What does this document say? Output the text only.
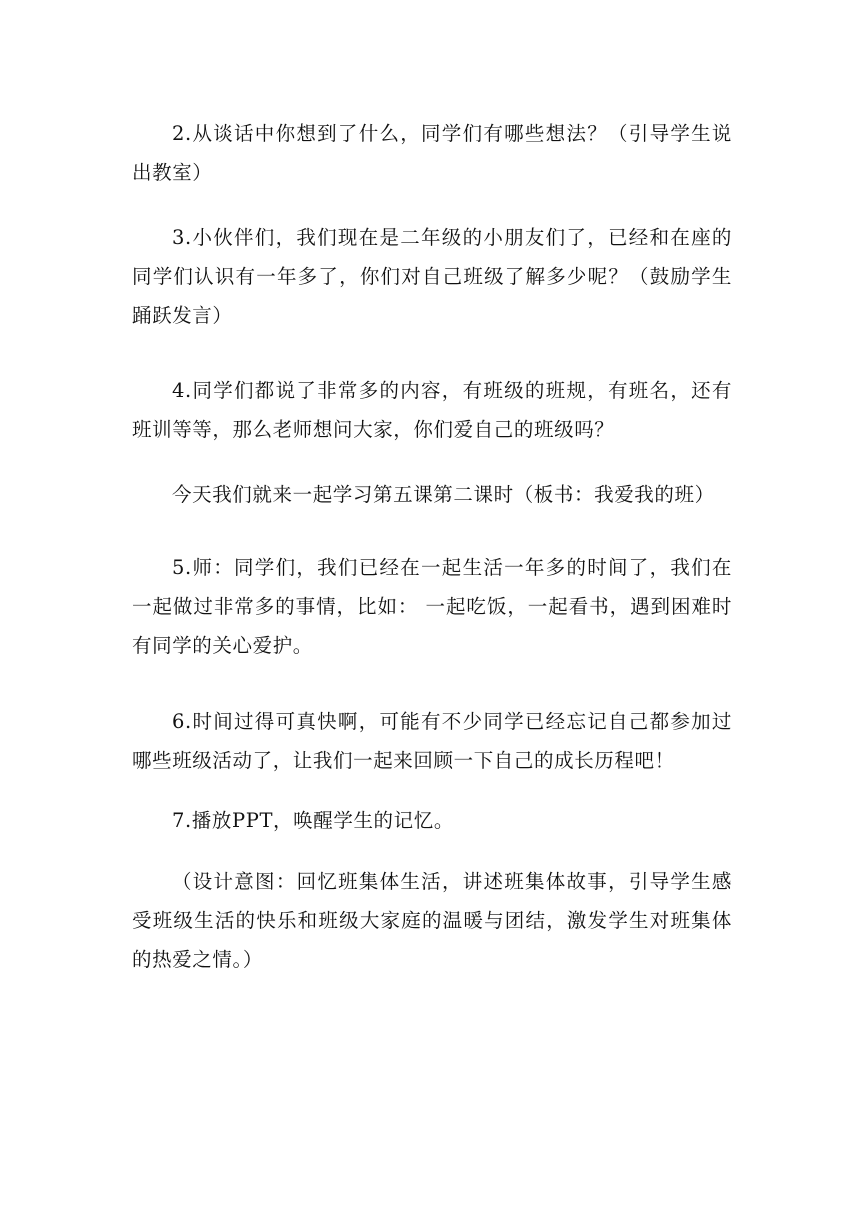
2.从谈话中你想到了什么，同学们有哪些想法？（引导学生说出教室）

3.小伙伴们，我们现在是二年级的小朋友们了，已经和在座的同学们认识有一年多了，你们对自己班级了解多少呢？（鼓励学生踊跃发言）

4.同学们都说了非常多的内容，有班级的班规，有班名，还有班训等等，那么老师想问大家，你们爱自己的班级吗？

今天我们就来一起学习第五课第二课时（板书：我爱我的班）

5.师：同学们，我们已经在一起生活一年多的时间了，我们在一起做过非常多的事情，比如： 一起吃饭，一起看书，遇到困难时有同学的关心爱护。

6.时间过得可真快啊，可能有不少同学已经忘记自己都参加过哪些班级活动了，让我们一起来回顾一下自己的成长历程吧！

7.播放PPT，唤醒学生的记忆。

（设计意图：回忆班集体生活，讲述班集体故事，引导学生感受班级生活的快乐和班级大家庭的温暖与团结，激发学生对班集体的热爱之情。）
